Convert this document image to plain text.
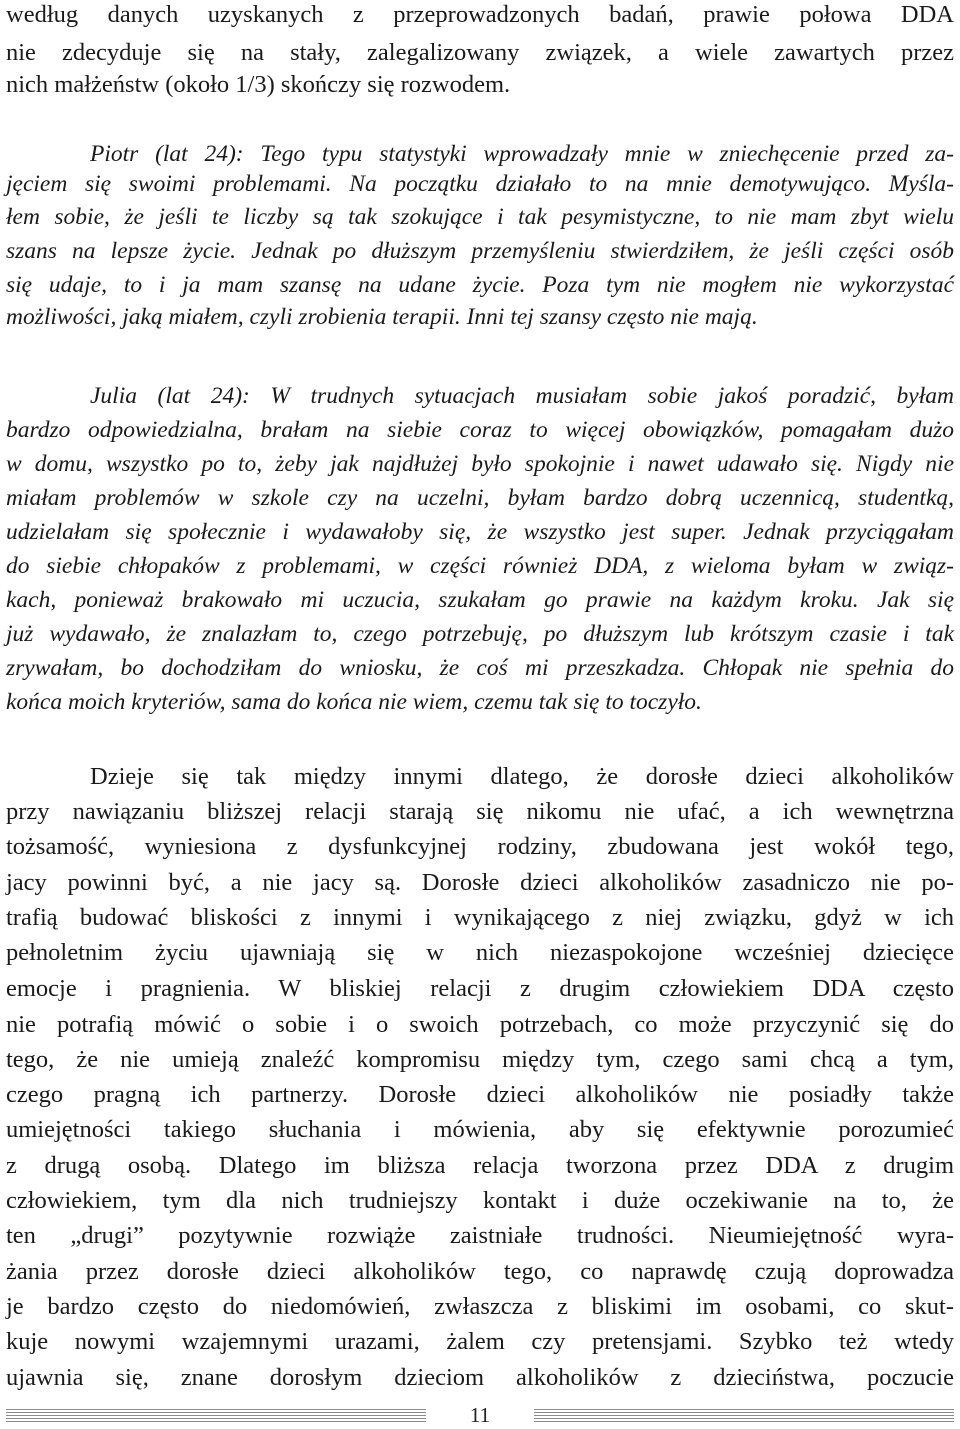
według danych uzyskanych z przeprowadzonych badań, prawie połowa DDA
nie zdecyduje się na stały, zalegalizowany związek, a wiele zawartych przez
nich małżeństw (około 1/3) skończy się rozwodem.
Piotr (lat 24): Tego typu statystyki wprowadzały mnie w zniechęcenie przed za-
jęciem się swoimi problemami. Na początku działało to na mnie demotywująco. Myśla-
łem sobie, że jeśli te liczby są tak szokujące i tak pesymistyczne, to nie mam zbyt wielu
szans na lepsze życie. Jednak po dłuższym przemyśleniu stwierdziłem, że jeśli części osób
się udaje, to i ja mam szansę na udane życie. Poza tym nie mogłem nie wykorzystać
możliwości, jaką miałem, czyli zrobienia terapii. Inni tej szansy często nie mają.
Julia (lat 24): W trudnych sytuacjach musiałam sobie jakoś poradzić, byłam
bardzo odpowiedzialna, brałam na siebie coraz to więcej obowiązków, pomagałam dużo
w domu, wszystko po to, żeby jak najdłużej było spokojnie i nawet udawało się. Nigdy nie
miałam problemów w szkole czy na uczelni, byłam bardzo dobrą uczennicą, studentką,
udzielałam się społecznie i wydawałoby się, że wszystko jest super. Jednak przyciągałam
do siebie chłopaków z problemami, w części również DDA, z wieloma byłam w związ-
kach, ponieważ brakowało mi uczucia, szukałam go prawie na każdym kroku. Jak się
już wydawało, że znalazłam to, czego potrzebuję, po dłuższym lub krótszym czasie i tak
zrywałam, bo dochodziłam do wniosku, że coś mi przeszkadza. Chłopak nie spełnia do
końca moich kryteriów, sama do końca nie wiem, czemu tak się to toczyło.
Dzieje się tak między innymi dlatego, że dorosłe dzieci alkoholików
przy nawiązaniu bliższej relacji starają się nikomu nie ufać, a ich wewnętrzna
tożsamość, wyniesiona z dysfunkcyjnej rodziny, zbudowana jest wokół tego,
jacy powinni być, a nie jacy są. Dorosłe dzieci alkoholików zasadniczo nie po-
trafią budować bliskości z innymi i wynikającego z niej związku, gdyż w ich
pełnoletnim życiu ujawniają się w nich niezaspokojone wcześniej dziecięce
emocje i pragnienia. W bliskiej relacji z drugim człowiekiem DDA często
nie potrafią mówić o sobie i o swoich potrzebach, co może przyczynić się do
tego, że nie umieją znaleźć kompromisu między tym, czego sami chcą a tym,
czego pragną ich partnerzy. Dorosłe dzieci alkoholików nie posiadły także
umiejętności takiego słuchania i mówienia, aby się efektywnie porozumieć
z drugą osobą. Dlatego im bliższa relacja tworzona przez DDA z drugim
człowiekiem, tym dla nich trudniejszy kontakt i duże oczekiwanie na to, że
ten „drugi” pozytywnie rozwiąże zaistniałe trudności. Nieumiejętność wyra-
żania przez dorosłe dzieci alkoholików tego, co naprawdę czują doprowadza
je bardzo często do niedomówień, zwłaszcza z bliskimi im osobami, co skut-
kuje nowymi wzajemnymi urazami, żalem czy pretensjami. Szybko też wtedy
ujawnia się, znane dorosłym dzieciom alkoholików z dzieciństwa, poczucie
11
